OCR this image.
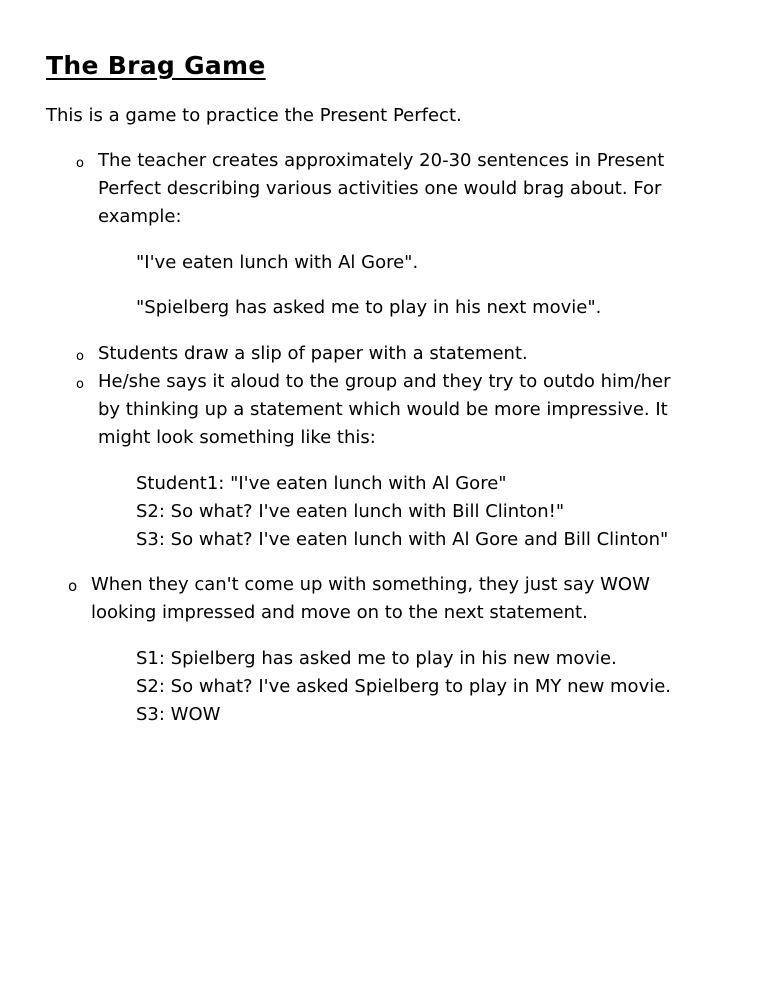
The Brag Game
This is a game to practice the Present Perfect.
o The teacher creates approximately 20-30 sentences in Present
Perfect describing various activities one would brag about. For
example:
"I've eaten lunch with Al Gore".
"Spielberg has asked me to play in his next movie".
o Students draw a slip of paper with a statement.
o He/she says it aloud to the group and they try to outdo him/her
by thinking up a statement which would be more impressive. It
might look something like this:
Student1: "I've eaten lunch with Al Gore"
S2: So what? I've eaten lunch with Bill Clinton!"
S3: So what? I've eaten lunch with Al Gore and Bill Clinton"
o When they can't come up with something, they just say WOW
looking impressed and move on to the next statement.
S1: Spielberg has asked me to play in his new movie.
S2: So what? I've asked Spielberg to play in MY new movie.
S3: WOW
